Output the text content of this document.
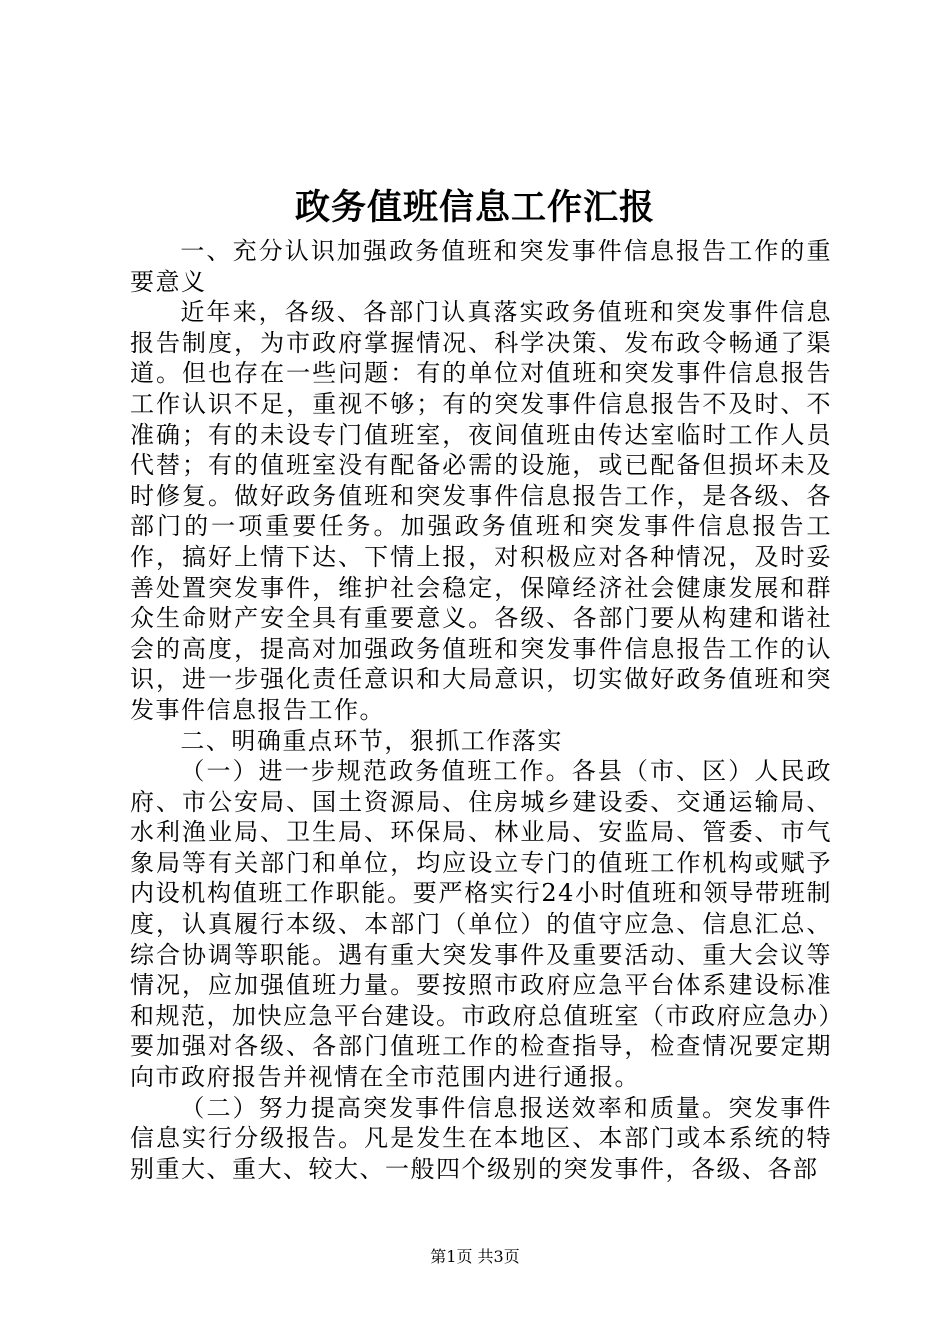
政务值班信息工作汇报

一、充分认识加强政务值班和突发事件信息报告工作的重要意义

近年来，各级、各部门认真落实政务值班和突发事件信息报告制度，为市政府掌握情况、科学决策、发布政令畅通了渠道。但也存在一些问题：有的单位对值班和突发事件信息报告工作认识不足，重视不够；有的突发事件信息报告不及时、不准确；有的未设专门值班室，夜间值班由传达室临时工作人员代替；有的值班室没有配备必需的设施，或已配备但损坏未及时修复。做好政务值班和突发事件信息报告工作，是各级、各部门的一项重要任务。加强政务值班和突发事件信息报告工作，搞好上情下达、下情上报，对积极应对各种情况，及时妥善处置突发事件，维护社会稳定，保障经济社会健康发展和群众生命财产安全具有重要意义。各级、各部门要从构建和谐社会的高度，提高对加强政务值班和突发事件信息报告工作的认识，进一步强化责任意识和大局意识，切实做好政务值班和突发事件信息报告工作。

二、明确重点环节，狠抓工作落实

（一）进一步规范政务值班工作。各县（市、区）人民政府、市公安局、国土资源局、住房城乡建设委、交通运输局、水利渔业局、卫生局、环保局、林业局、安监局、管委、市气象局等有关部门和单位，均应设立专门的值班工作机构或赋予内设机构值班工作职能。要严格实行24小时值班和领导带班制度，认真履行本级、本部门（单位）的值守应急、信息汇总、综合协调等职能。遇有重大突发事件及重要活动、重大会议等情况，应加强值班力量。要按照市政府应急平台体系建设标准和规范，加快应急平台建设。市政府总值班室（市政府应急办）要加强对各级、各部门值班工作的检查指导，检查情况要定期向市政府报告并视情在全市范围内进行通报。

（二）努力提高突发事件信息报送效率和质量。突发事件信息实行分级报告。凡是发生在本地区、本部门或本系统的特别重大、重大、较大、一般四个级别的突发事件，各级、各部

第1页 共3页
